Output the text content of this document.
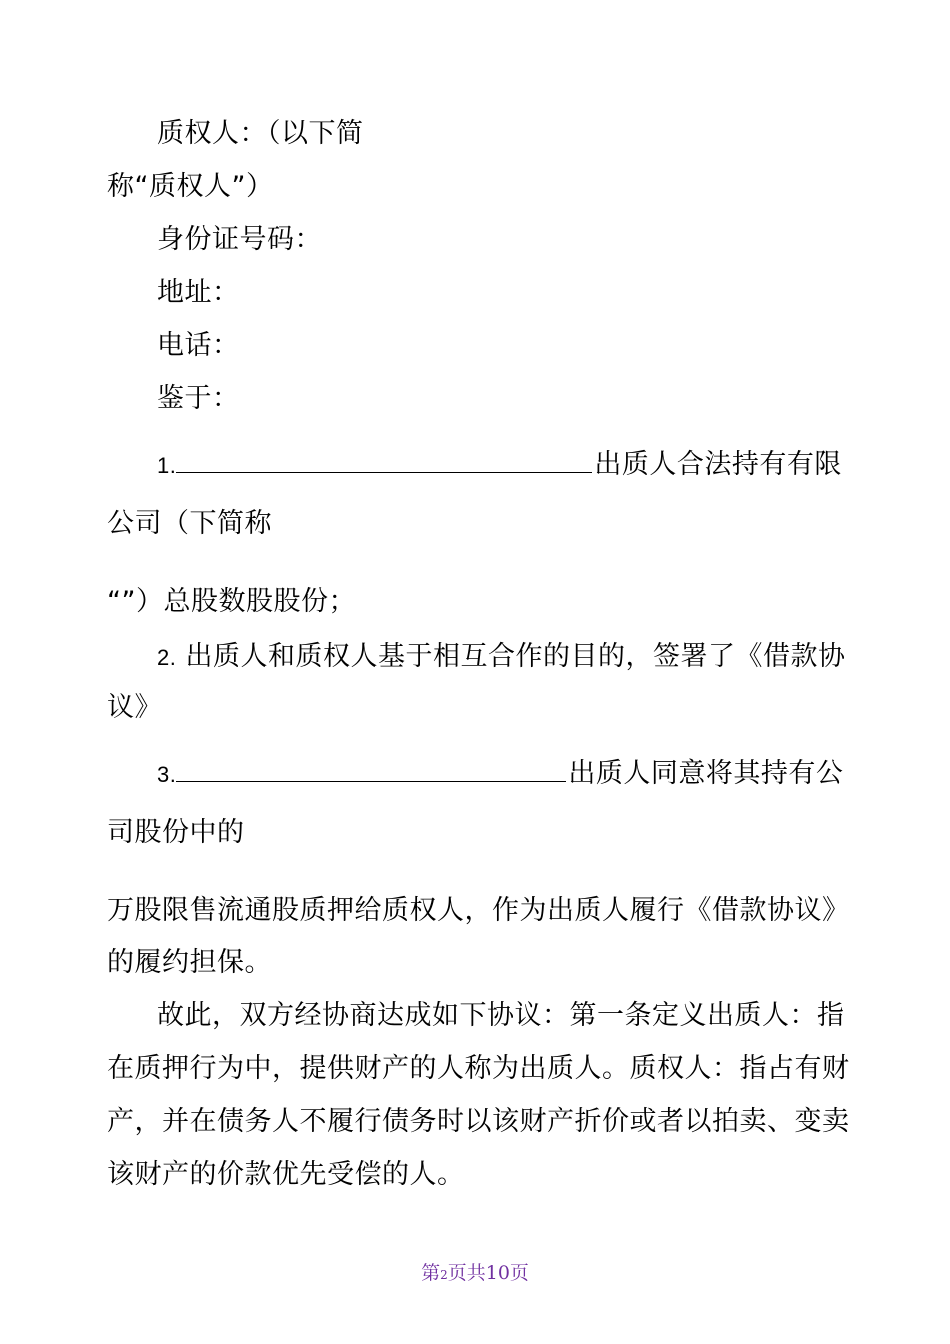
质权人：（以下简
称“质权人”）
身份证号码：
地址：
电话：
鉴于：
1.	出质人合法持有有限
公司（下简称
“”）总股数股股份；
2. 出质人和质权人基于相互合作的目的，签署了《借款协
议》
3.	出质人同意将其持有公
司股份中的
万股限售流通股质押给质权人，作为出质人履行《借款协议》
的履约担保。
故此，双方经协商达成如下协议：第一条定义出质人：指
在质押行为中，提供财产的人称为出质人。质权人：指占有财
产，并在债务人不履行债务时以该财产折价或者以拍卖、变卖
该财产的价款优先受偿的人。
第2页共10页
